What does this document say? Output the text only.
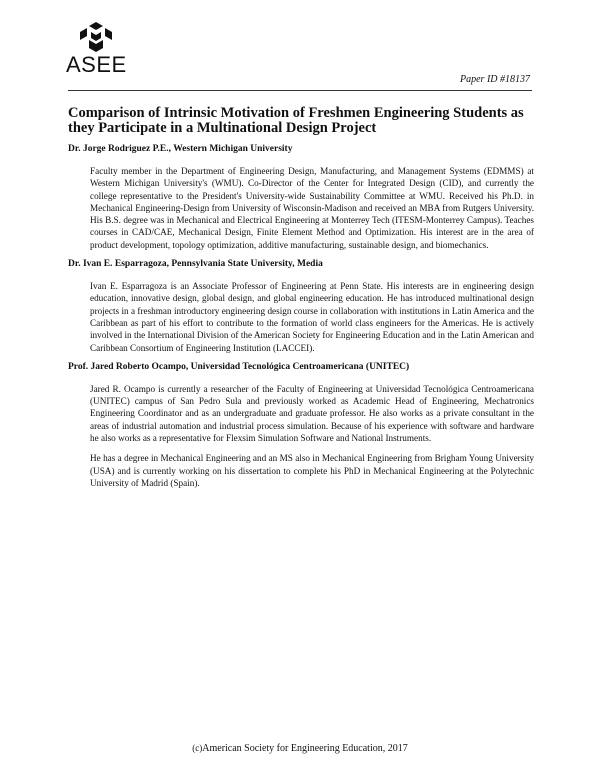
ASEE
Paper ID #18137
Comparison of Intrinsic Motivation of Freshmen Engineering Students as they Participate in a Multinational Design Project

Dr. Jorge Rodriguez P.E., Western Michigan University

Faculty member in the Department of Engineering Design, Manufacturing, and Management Systems (EDMMS) at Western Michigan University's (WMU). Co-Director of the Center for Integrated Design (CID), and currently the college representative to the President's University-wide Sustainability Committee at WMU. Received his Ph.D. in Mechanical Engineering-Design from University of Wisconsin-Madison and received an MBA from Rutgers University. His B.S. degree was in Mechanical and Electrical Engineering at Monterrey Tech (ITESM-Monterrey Campus). Teaches courses in CAD/CAE, Mechanical Design, Finite Element Method and Optimization. His interest are in the area of product development, topology optimization, additive manufacturing, sustainable design, and biomechanics.

Dr. Ivan E. Esparragoza, Pennsylvania State University, Media

Ivan E. Esparragoza is an Associate Professor of Engineering at Penn State. His interests are in engineering design education, innovative design, global design, and global engineering education. He has introduced multinational design projects in a freshman introductory engineering design course in collaboration with institutions in Latin America and the Caribbean as part of his effort to contribute to the formation of world class engineers for the Americas. He is actively involved in the International Division of the American Society for Engineering Education and in the Latin American and Caribbean Consortium of Engineering Institution (LACCEI).

Prof. Jared Roberto Ocampo, Universidad Tecnológica Centroamericana (UNITEC)

Jared R. Ocampo is currently a researcher of the Faculty of Engineering at Universidad Tecnológica Centroamericana (UNITEC) campus of San Pedro Sula and previously worked as Academic Head of Engineering, Mechatronics Engineering Coordinator and as an undergraduate and graduate professor. He also works as a private consultant in the areas of industrial automation and industrial process simulation. Because of his experience with software and hardware he also works as a representative for Flexsim Simulation Software and National Instruments.

He has a degree in Mechanical Engineering and an MS also in Mechanical Engineering from Brigham Young University (USA) and is currently working on his dissertation to complete his PhD in Mechanical Engineering at the Polytechnic University of Madrid (Spain).

(c)American Society for Engineering Education, 2017
